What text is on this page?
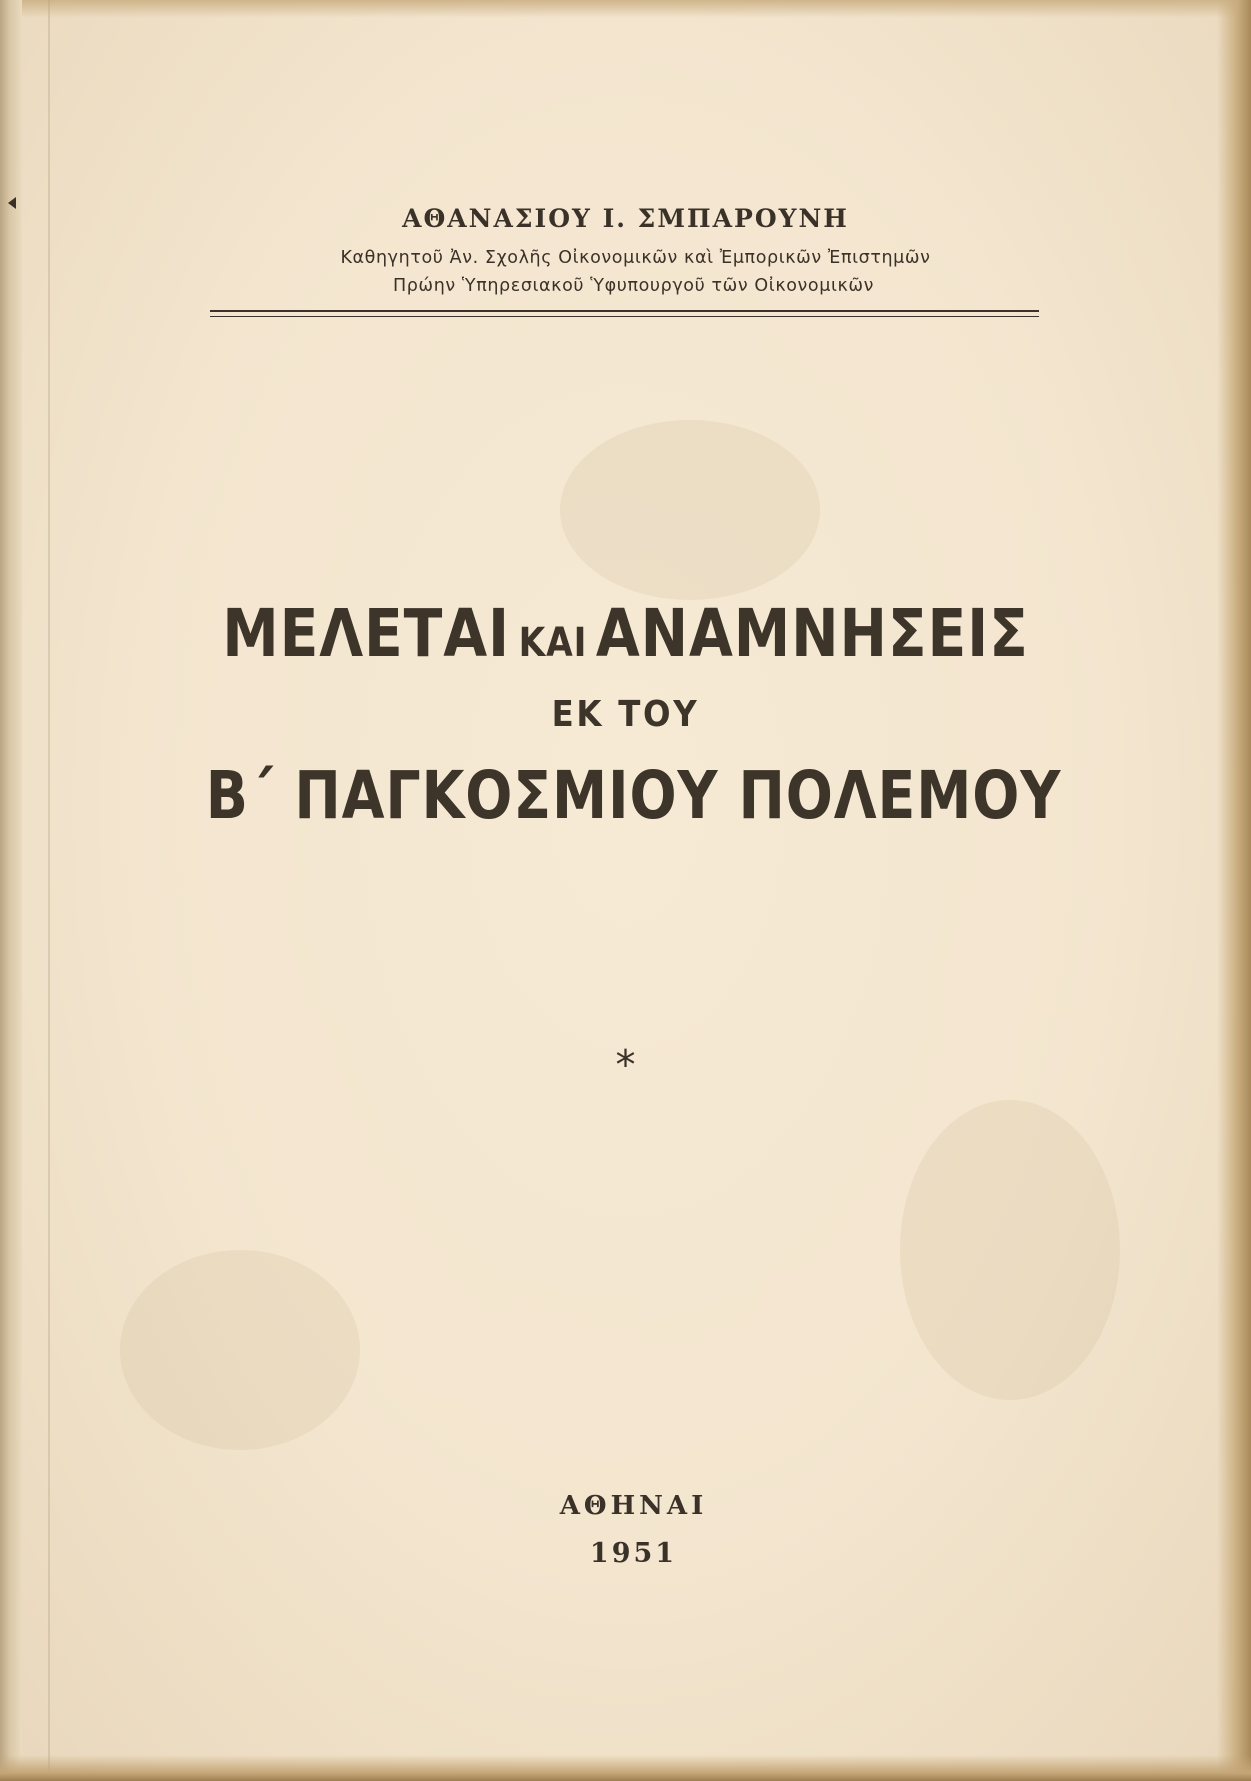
ΑΘΑΝΑΣΙΟΥ Ι. ΣΜΠΑΡΟΥΝΗ
Καθηγητοῦ Ἀν. Σχολῆς Οἰκονομικῶν καὶ Ἐμπορικῶν Ἐπιστημῶν
Πρώην Ὑπηρεσιακοῦ Ὑφυπουργοῦ τῶν Οἰκονομικῶν
ΜΕΛΕΤΑΙ ΚΑΙ ΑΝΑΜΝΗΣΕΙΣ
ΕΚ ΤΟΥ
Β΄ ΠΑΓΚΟΣΜΙΟΥ ΠΟΛΕΜΟΥ
⁎
ΑΘΗΝΑΙ
1951
